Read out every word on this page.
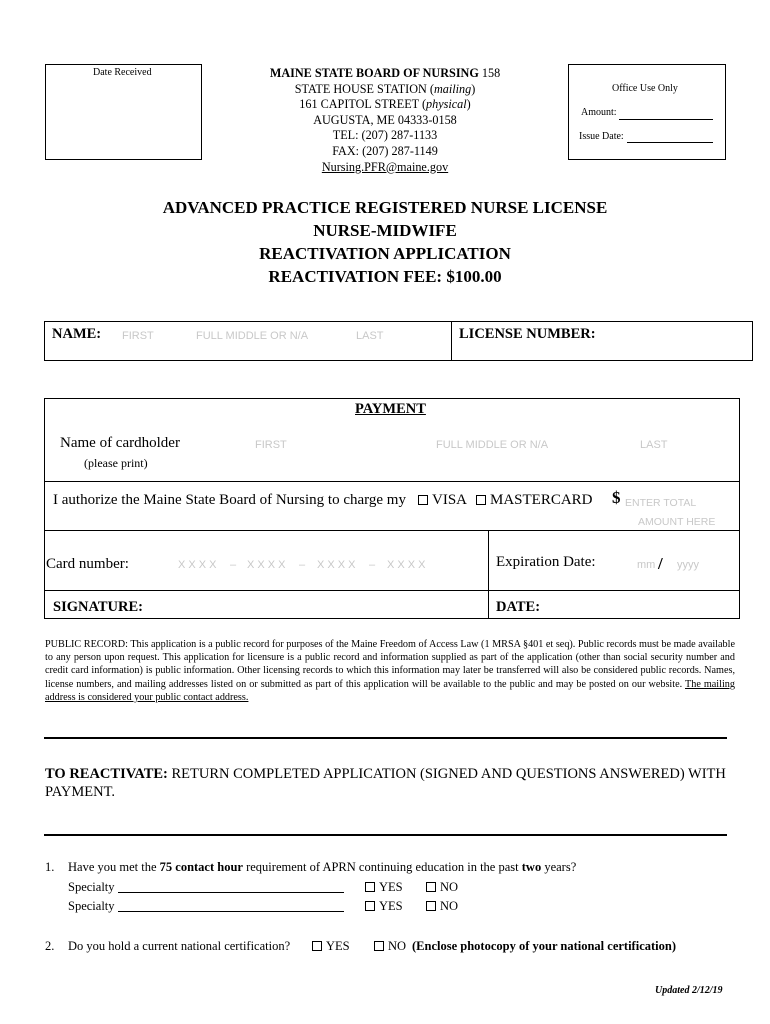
Date Received	MAINE STATE BOARD OF NURSING 158
STATE HOUSE STATION (mailing)
161 CAPITOL STREET (physical)
AUGUSTA, ME 04333-0158
TEL: (207) 287-1133
FAX: (207) 287-1149
Nursing.PFR@maine.gov
Office Use Only
Amount:
Issue Date:
ADVANCED PRACTICE REGISTERED NURSE LICENSE
NURSE-MIDWIFE
REACTIVATION APPLICATION
REACTIVATION FEE: $100.00
NAME: FIRST	FULL MIDDLE OR N/A	LAST	LICENSE NUMBER:
PAYMENT
Name of cardholder
(please print)
FIRST	FULL MIDDLE OR N/A	LAST
I authorize the Maine State Board of Nursing to charge my	VISA	MASTERCARD $ ENTER TOTAL
AMOUNT HERE
Card number:	X X X X – X X X X – X X X X – X X X X	Expiration Date:	mm / yyyy
SIGNATURE:	DATE:
PUBLIC RECORD: This application is a public record for purposes of the Maine Freedom of Access Law (1 MRSA §401 et seq). Public records must be made available to any person upon request. This application for licensure is a public record and information supplied as part of the application (other than social security number and credit card information) is public information. Other licensing records to which this information may later be transferred will also be considered public records. Names, license numbers, and mailing addresses listed on or submitted as part of this application will be available to the public and may be posted on our website. The mailing address is considered your public contact address.
TO REACTIVATE: RETURN COMPLETED APPLICATION (SIGNED AND QUESTIONS ANSWERED) WITH PAYMENT.
1. Have you met the 75 contact hour requirement of APRN continuing education in the past two years?
Specialty	YES	NO
Specialty	YES	NO
2. Do you hold a current national certification?	YES	NO (Enclose photocopy of your national certification)
Updated 2/12/19
